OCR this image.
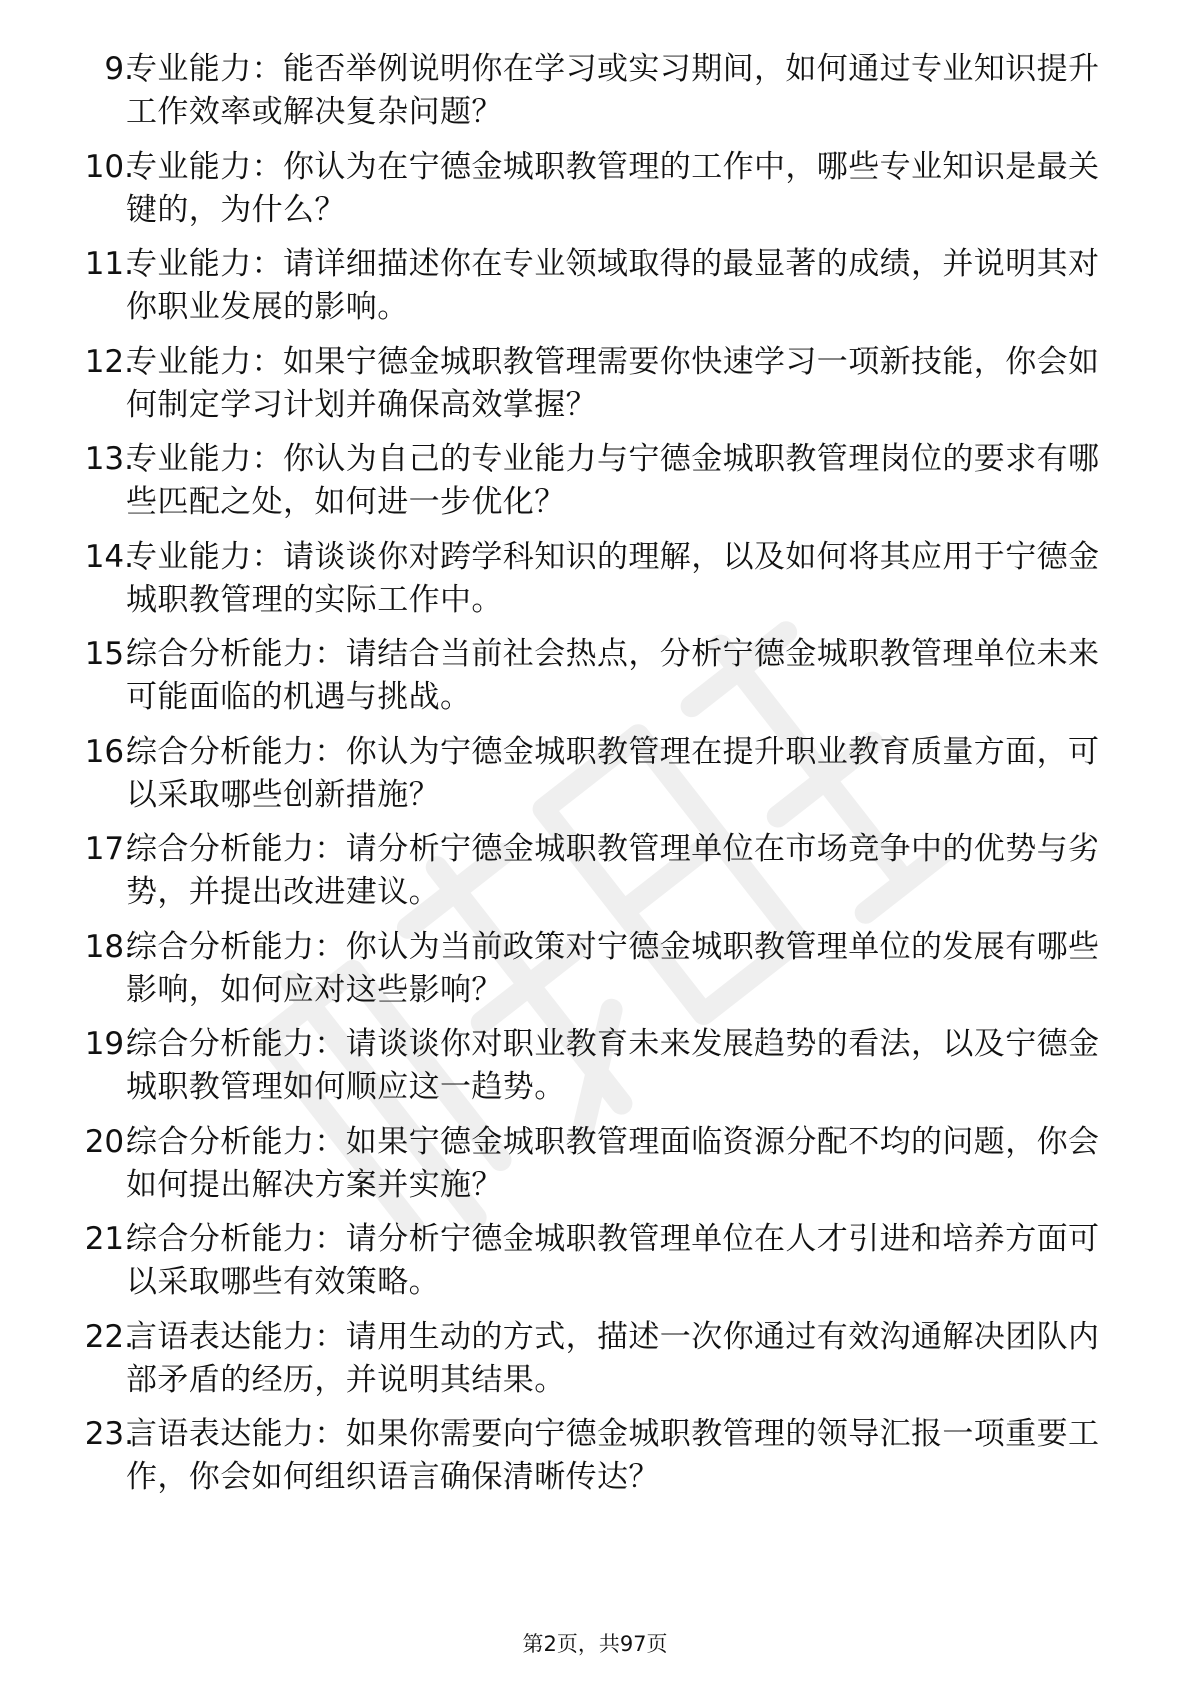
9.
专业能力：能否举例说明你在学习或实习期间，如何通过专业知识提升工作效率或解决复杂问题？
10.
专业能力：你认为在宁德金城职教管理的工作中，哪些专业知识是最关键的，为什么？
11.
专业能力：请详细描述你在专业领域取得的最显著的成绩，并说明其对你职业发展的影响。
12.
专业能力：如果宁德金城职教管理需要你快速学习一项新技能，你会如何制定学习计划并确保高效掌握？
13.
专业能力：你认为自己的专业能力与宁德金城职教管理岗位的要求有哪些匹配之处，如何进一步优化？
14.
专业能力：请谈谈你对跨学科知识的理解，以及如何将其应用于宁德金城职教管理的实际工作中。
15.
综合分析能力：请结合当前社会热点，分析宁德金城职教管理单位未来可能面临的机遇与挑战。
16.
综合分析能力：你认为宁德金城职教管理在提升职业教育质量方面，可以采取哪些创新措施？
17.
综合分析能力：请分析宁德金城职教管理单位在市场竞争中的优势与劣势，并提出改进建议。
18.
综合分析能力：你认为当前政策对宁德金城职教管理单位的发展有哪些影响，如何应对这些影响？
19.
综合分析能力：请谈谈你对职业教育未来发展趋势的看法，以及宁德金城职教管理如何顺应这一趋势。
20.
综合分析能力：如果宁德金城职教管理面临资源分配不均的问题，你会如何提出解决方案并实施？
21.
综合分析能力：请分析宁德金城职教管理单位在人才引进和培养方面可以采取哪些有效策略。
22.
言语表达能力：请用生动的方式，描述一次你通过有效沟通解决团队内部矛盾的经历，并说明其结果。
23.
言语表达能力：如果你需要向宁德金城职教管理的领导汇报一项重要工作，你会如何组织语言确保清晰传达？
第2页，共97页
